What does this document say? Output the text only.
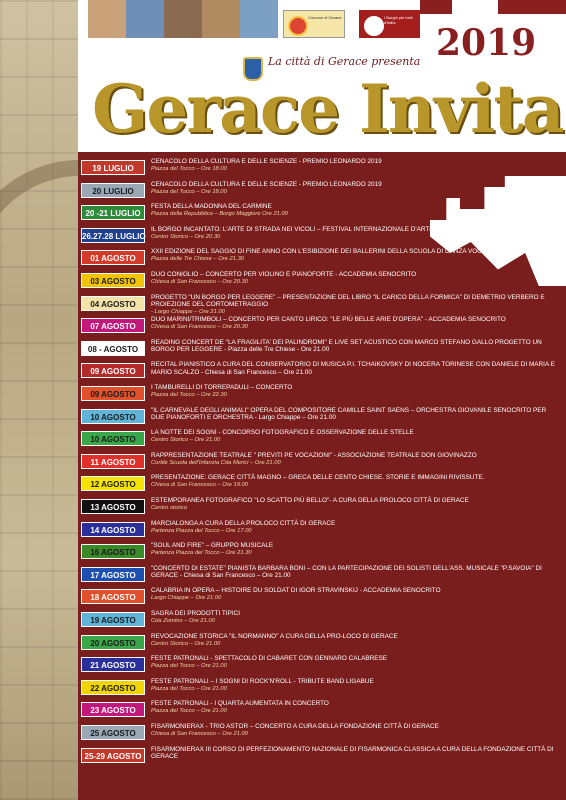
Comune di Gerace	I Borghi più belli d'Italia	2019
La città di Gerace presenta
Gerace Invita
19 LUGLIO
CENACOLO DELLA CULTURA E DELLE SCIENZE - PREMIO LEONARDO 2019
Piazza del Tocco – Ore 18.00
20 LUGLIO
CENACOLO DELLA CULTURA E DELLE SCIENZE - PREMIO LEONARDO 2019
Piazza del Tocco – Ore 18.00
20 -21 LUGLIO
FESTA DELLA MADONNA DEL CARMINE
Piazza della Repubblica – Borgo Maggiore Ore 21.00
26.27.28 LUGLIO
IL BORGO INCANTATO: L'ARTE DI STRADA NEI VICOLI – FESTIVAL INTERNAZIONALE D'ARTE DI STRADA - XX° EDIZIONE
Centro Storico – Ore 20.30
01 AGOSTO
XXII EDIZIONE DEL SAGGIO DI FINE ANNO CON L'ESIBIZIONE DEI BALLERINI DELLA SCUOLA DI DANZA VOCI DI PRIMAVERA
Piazza delle Tre Chiese – Ore 21.30
03 AGOSTO
DUO CONIGLIO – CONCERTO PER VIOLINO E PIANOFORTE - ACCADEMIA SENOCRITO
Chiesa di San Francesco – Ore 20.30
04 AGOSTO
PROGETTO "UN BORGO PER LEGGERE" – PRESENTAZIONE DEL LIBRO "IL CARICO DELLA FORMICA" DI DEMETRIO VERBERO E PROIEZIONE DEL CORTOMETRAGGIO
- Largo Chiappe – Ore 21.00
07 AGOSTO
DUO MARINI/TRIMBOLI – CONCERTO PER CANTO LIRICO: "LE PIÙ BELLE ARIE D'OPERA" - ACCADEMIA SENOCRITO
Chiesa di San Francesco – Ore 20.30
08 - AGOSTO
READING CONCERT DE "LA FRAGILITA' DEI PALINDROMI" E LIVE SET ACUSTICO CON MARCO STEFANO GALLO PROGETTO UN BORGO PER LEGGERE - Piazza delle Tre Chiese - Ore 21.00
09 AGOSTO
RECITAL PIANISTICO A CURA DEL CONSERVATORIO DI MUSICA P.I. TCHAIKOVSKY DI NOCERA TORINESE CON DANIELE DI MARIA E MARIO SCALZO - Chiesa di San Francesco – Ore 21.00
09 AGOSTO
I TAMBURELLI DI TORREPADULI – CONCERTO
Piazza del Tocco – Ore 22.30
10 AGOSTO
"IL CARNEVALE DEGLI ANIMALI" OPERA DEL COMPOSITORE CAMILLE SAINT SAENS – ORCHESTRA GIOVANILE SENOCRITO PER DUE PIANOFORTI E ORCHESTRA - Largo Chiappe – Ore 21.00
10 AGOSTO
LA NOTTE DEI SOGNI - CONCORSO FOTOGRAFICO E OSSERVAZIONE DELLE STELLE
Centro Storico – Ore 21.00
11 AGOSTO
RAPPRESENTAZIONE TEATRALE " PREVITI PE VOCAZIONI" - ASSOCIAZIONE TEATRALE DON GIOVINAZZO
Cortile Scuola dell'Infanzia Cda Merici – Ore 21.00
12 AGOSTO
PRESENTAZIONE: GERACE CITTÀ MAGNO – GRECA DELLE CENTO CHIESE. STORIE E IMMAGINI RIVISSUTE.
Chiesa di San Francesco – Ore 19.00
13 AGOSTO
ESTEMPORANEA FOTOGRAFICO "LO SCATTO PIÙ BELLO"- A CURA DELLA PROLOCO CITTÀ DI GERACE
Centro storico
14 AGOSTO
MARCIALONGA A CURA DELLA PROLOCO CITTÀ DI GERACE
Partenza Piazza del Tocco – Ore 17.00
16 AGOSTO
"SOUL AND FIRE" – GRUPPO MUSICALE
Partenza Piazza del Tocco – Ore 21.30
17 AGOSTO
"CONCERTO DI ESTATE" PIANISTA BARBARA BONI – CON LA PARTECIPAZIONE DEI SOLISTI DELL'ASS. MUSICALE "P.SAVOIA" DI GERACE - Chiesa di San Francesco – Ore 21.00
18 AGOSTO
CALABRIA IN OPERA – HISTOIRE DU SOLDAT DI IGOR STRAVINSKIJ - ACCADEMIA SENOCRITO
Largo Chiappe – Ore 21.00
19 AGOSTO
SAGRA DEI PRODOTTI TIPICI
Cda Zomino – Ore 21.00
20 AGOSTO
REVOCAZIONE STORICA "IL NORMANNO" A CURA DELLA PRO-LOCO DI GERACE
Centro Storico – Ore 21.00
21 AGOSTO
FESTE PATRONALI - SPETTACOLO DI CABARET CON GENNARO CALABRESE
Piazza del Tocco – Ore 21.00
22 AGOSTO
FESTE PATRONALI – I SOGNI DI ROCK'N'ROLL - TRIBUTE BAND LIGABUE
Piazza del Tocco – Ore 21.00
23 AGOSTO
FESTE PATRONALI - I QUARTA AUMENTATA IN CONCERTO
Piazza del Tocco – Ore 21.00
25 AGOSTO
FISARMONIERAX - TRIO ASTOR – CONCERTO A CURA DELLA FONDAZIONE CITTÀ DI GERACE
Chiesa di San Francesco – Ore 21.00
25-29 AGOSTO
FISARMONIERAX III CORSO DI PERFEZIONAMENTO NAZIONALE DI FISARMONICA CLASSICA A CURA DELLA FONDAZIONE CITTÀ DI GERACE
